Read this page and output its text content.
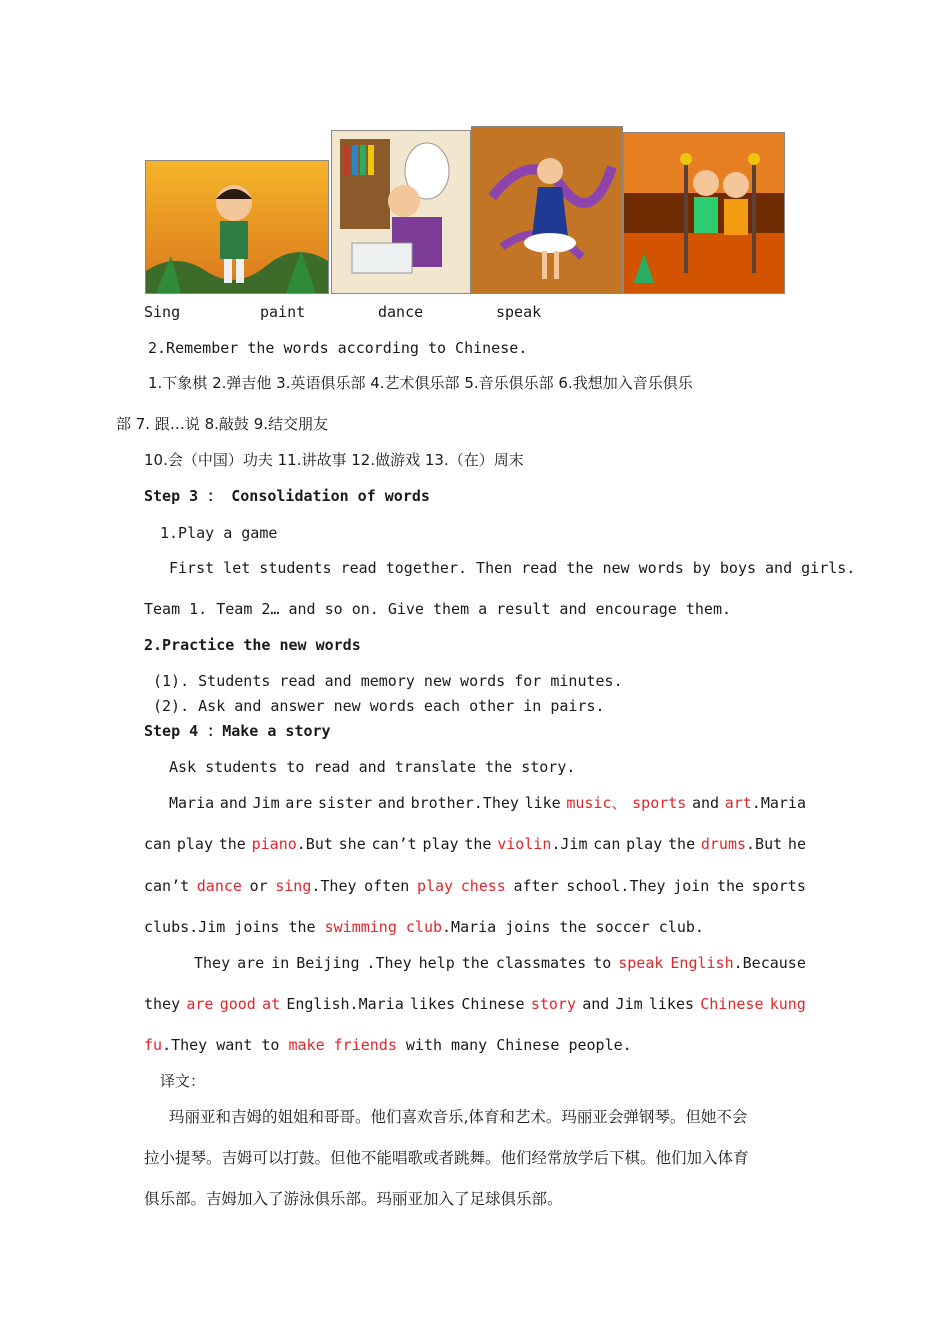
Sing	paint	dance	speak
2.Remember the words according to Chinese.
1.下象棋 2.弹吉他 3.英语俱乐部 4.艺术俱乐部 5.音乐俱乐部 6.我想加入音乐俱乐
部 7. 跟…说 8.敲鼓 9.结交朋友
10.会（中国）功夫 11.讲故事 12.做游戏 13.（在）周末
Step 3 ： Consolidation of words
1.Play a game
First let students read together. Then read the new words by boys and girls.
Team 1. Team 2… and so on. Give them a result and encourage them.
2.Practice the new words
(1). Students read and memory new words for minutes.
(2). Ask and answer new words each other in pairs.
Step 4 ：Make a story
Ask students to read and translate the story.
Maria and Jim are sister and brother.They like music、 sports and art.Maria
can play the piano.But she can’t play the violin.Jim can play the drums.But he
can’t dance or sing.They often play chess after school.They join the sports
clubs.Jim joins the swimming club.Maria joins the soccer club.
They are in Beijing .They help the classmates to speak English.Because
they are good at English.Maria likes Chinese story and Jim likes Chinese kung
fu.They want to make friends with many Chinese people.
译文：
玛丽亚和吉姆的姐姐和哥哥。他们喜欢音乐,体育和艺术。玛丽亚会弹钢琴。但她不会
拉小提琴。吉姆可以打鼓。但他不能唱歌或者跳舞。他们经常放学后下棋。他们加入体育
俱乐部。吉姆加入了游泳俱乐部。玛丽亚加入了足球俱乐部。
